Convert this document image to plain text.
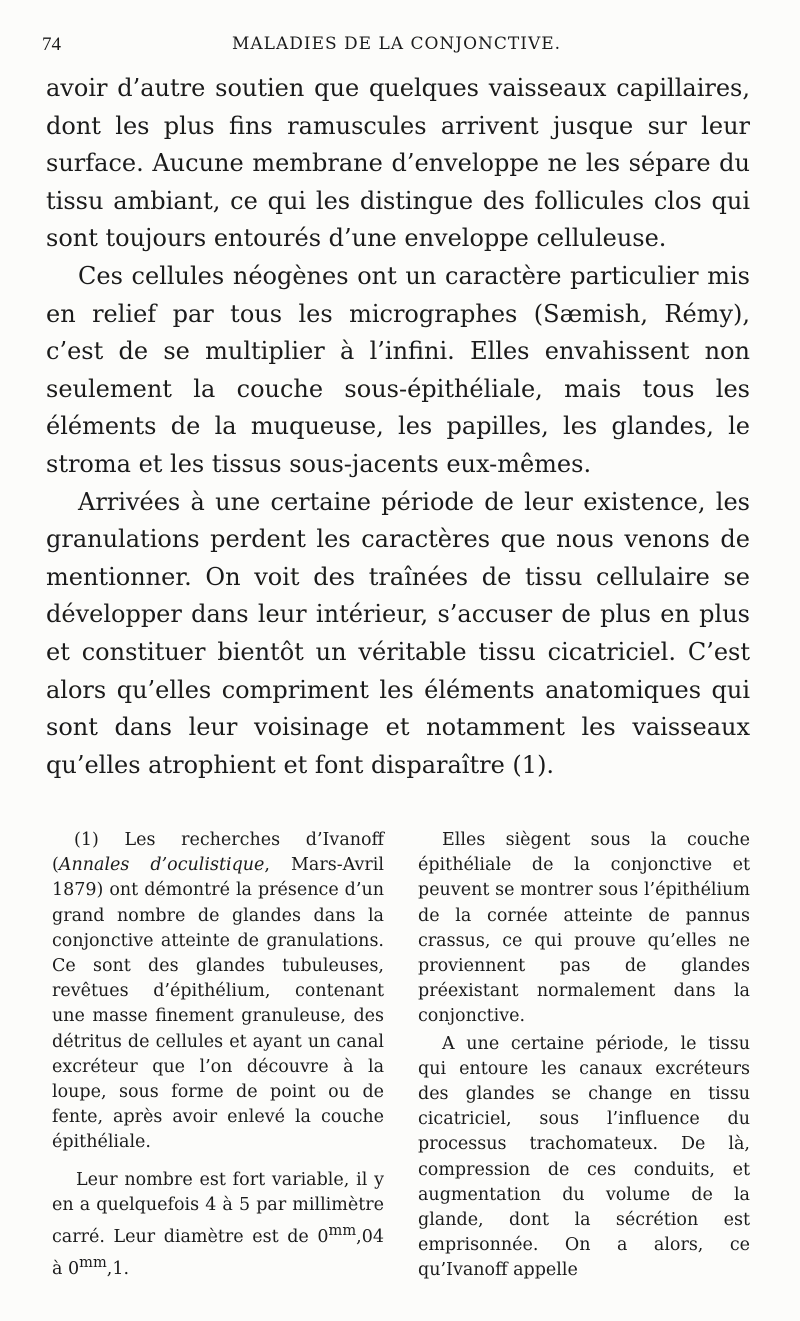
74	MALADIES DE LA CONJONCTIVE.

avoir d’autre soutien que quelques vaisseaux capillaires, dont les plus fins ramuscules arrivent jusque sur leur surface. Aucune membrane d’enveloppe ne les sépare du tissu ambiant, ce qui les distingue des follicules clos qui sont toujours entourés d’une enveloppe celluleuse.

Ces cellules néogènes ont un caractère particulier mis en relief par tous les micrographes (Sæmish, Rémy), c’est de se multiplier à l’infini. Elles envahissent non seulement la couche sous-épithéliale, mais tous les éléments de la muqueuse, les papilles, les glandes, le stroma et les tissus sous-jacents eux-mêmes.

Arrivées à une certaine période de leur existence, les granulations perdent les caractères que nous venons de mentionner. On voit des traînées de tissu cellulaire se développer dans leur intérieur, s’accuser de plus en plus et constituer bientôt un véritable tissu cicatriciel. C’est alors qu’elles compriment les éléments anatomiques qui sont dans leur voisinage et notamment les vaisseaux qu’elles atrophient et font disparaître (1).

(1) Les recherches d’Ivanoff (Annales d’oculistique, Mars-Avril 1879) ont démontré la présence d’un grand nombre de glandes dans la conjonctive atteinte de granulations. Ce sont des glandes tubuleuses, revêtues d’épithélium, contenant une masse finement granuleuse, des détritus de cellules et ayant un canal excréteur que l’on découvre à la loupe, sous forme de point ou de fente, après avoir enlevé la couche épithéliale.

Leur nombre est fort variable, il y en a quelquefois 4 à 5 par millimètre carré. Leur diamètre est de $0^{mm},04$ à $0^{mm},1$.

Elles siègent sous la couche épithéliale de la conjonctive et peuvent se montrer sous l’épithélium de la cornée atteinte de pannus crassus, ce qui prouve qu’elles ne proviennent pas de glandes préexistant normalement dans la conjonctive.

A une certaine période, le tissu qui entoure les canaux excréteurs des glandes se change en tissu cicatriciel, sous l’influence du processus trachomateux. De là, compression de ces conduits, et augmentation du volume de la glande, dont la sécrétion est emprisonnée. On a alors, ce qu’Ivanoff appelle
